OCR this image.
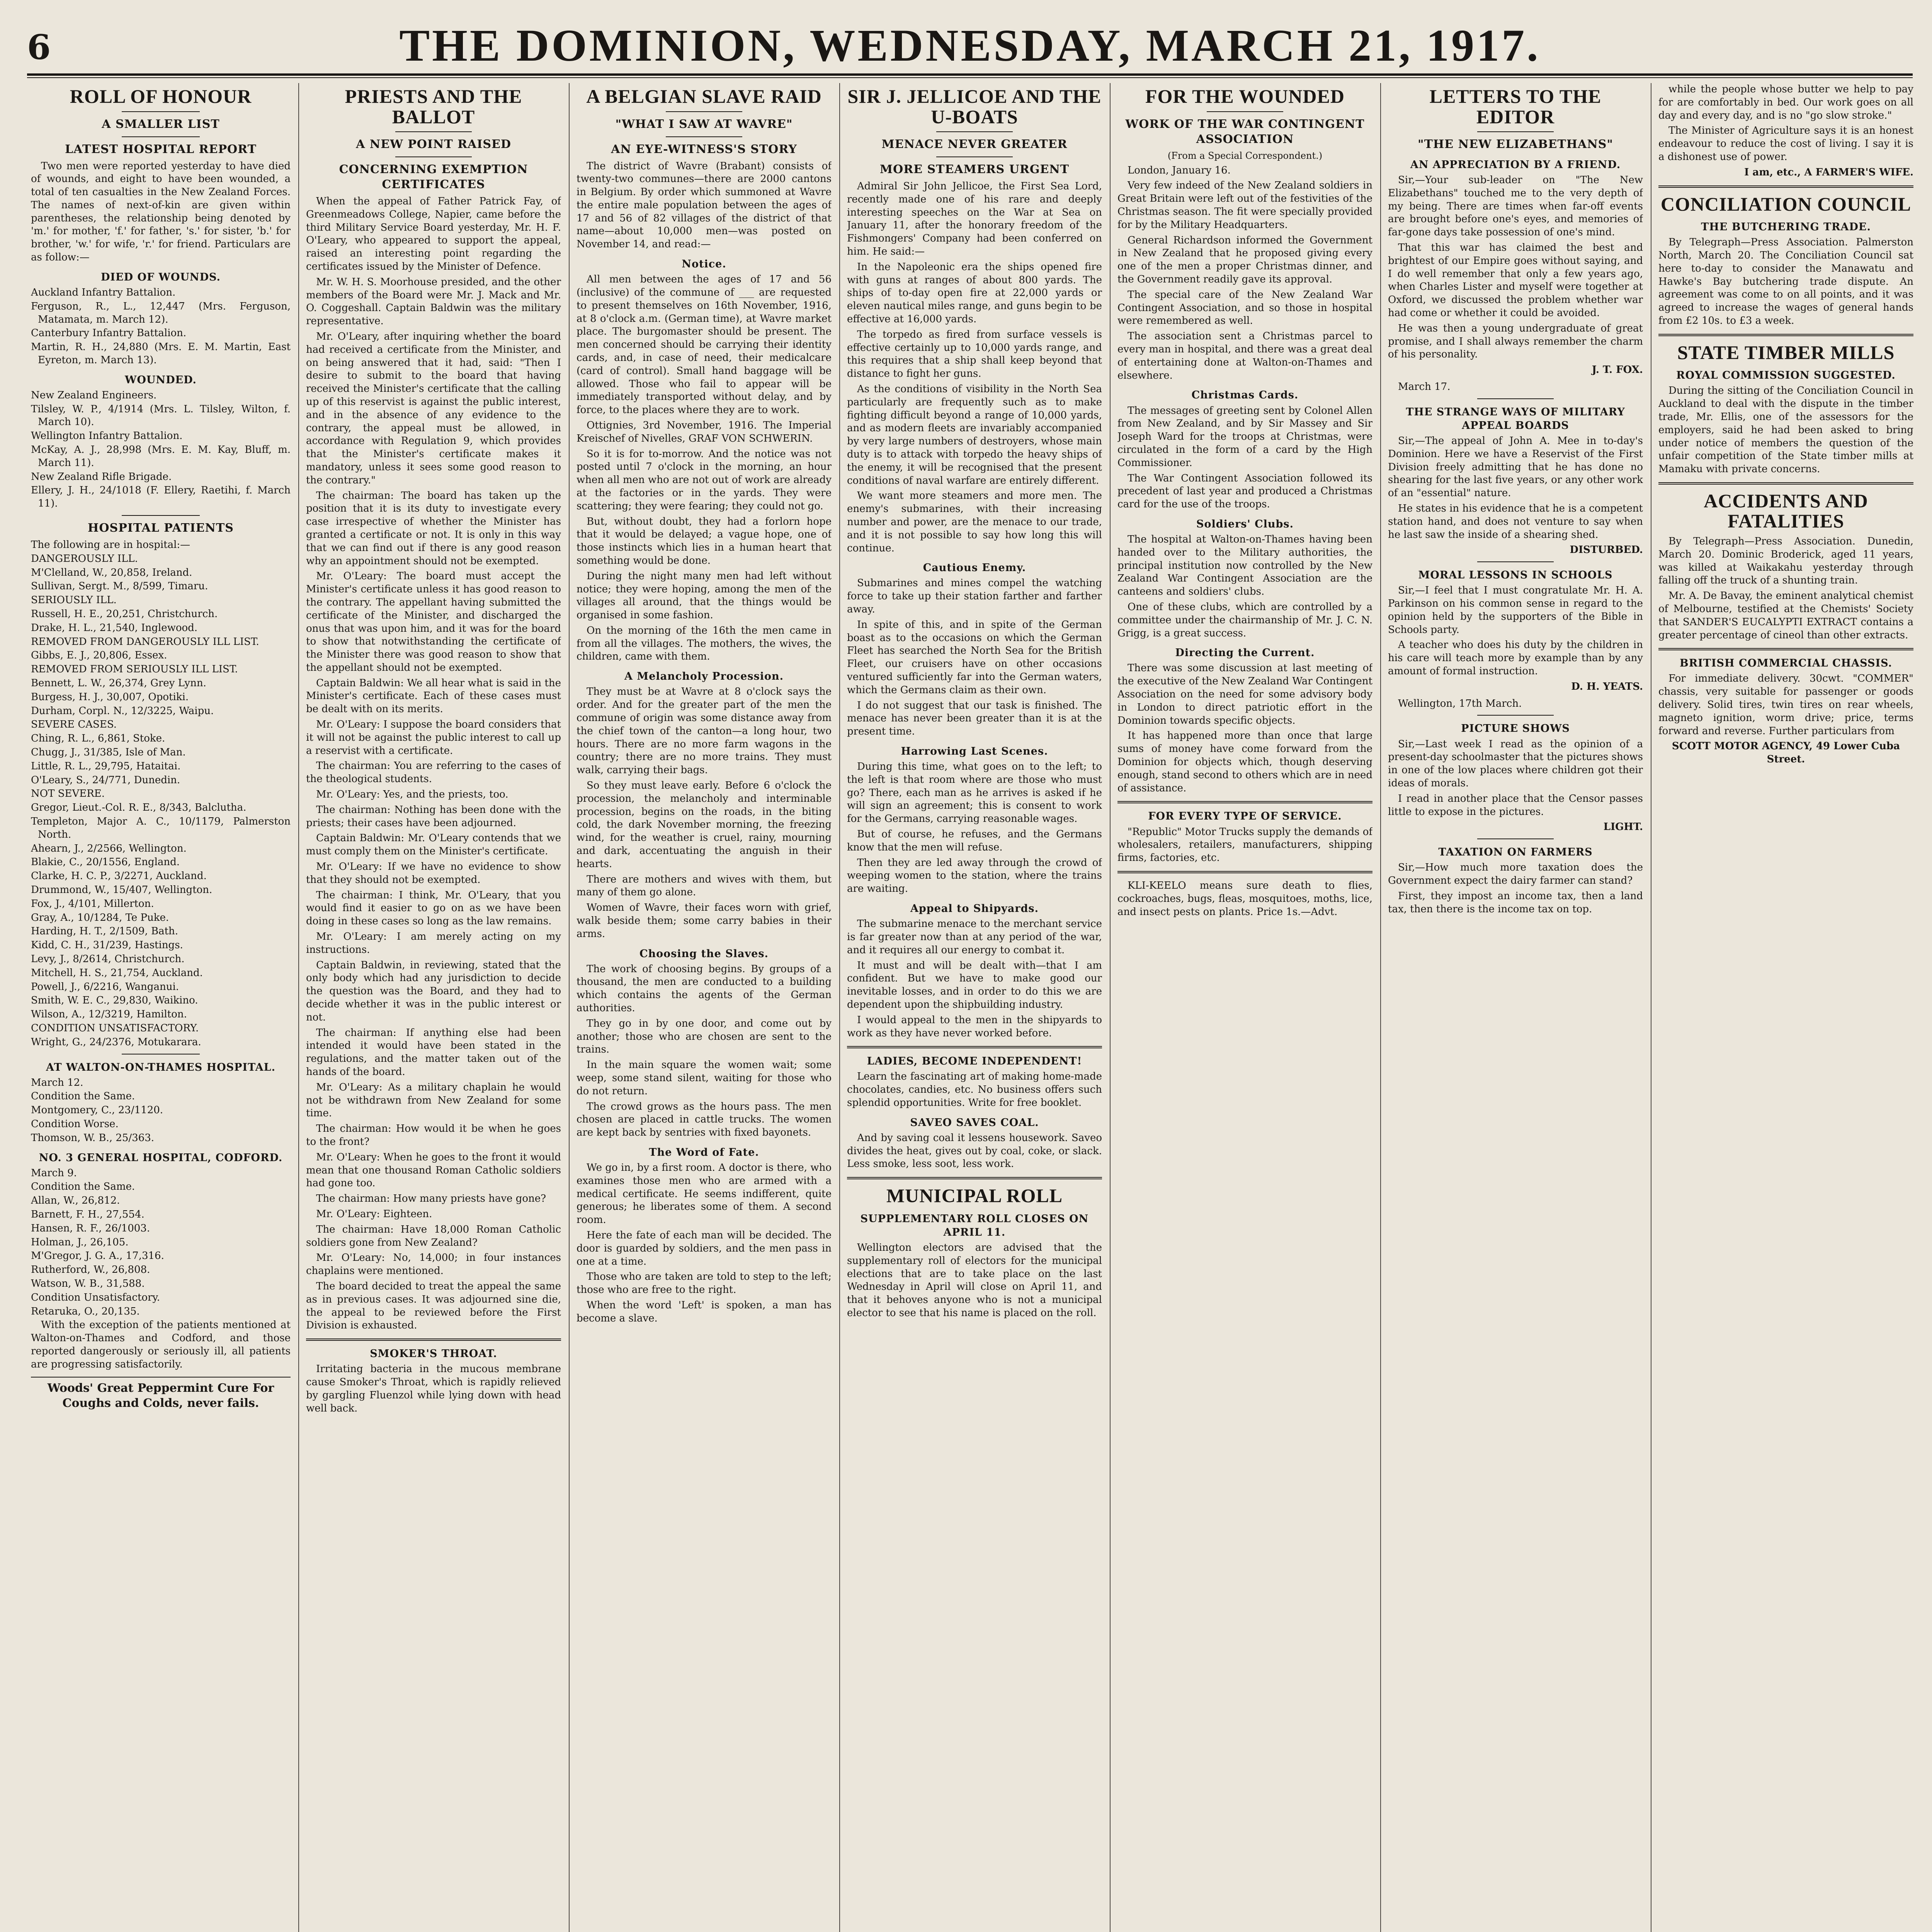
6	THE DOMINION, WEDNESDAY, MARCH 21, 1917.
ROLL OF HONOUR
A SMALLER LIST
LATEST HOSPITAL REPORT

Two men were reported yesterday to have died of wounds, and eight to have been wounded, a total of ten casualties in the New Zealand Forces. The names of next-of-kin are given within parentheses, the relationship being denoted by 'm.' for mother, 'f.' for father, 's.' for sister, 'b.' for brother, 'w.' for wife, 'r.' for friend. Particulars are as follow:—

DIED OF WOUNDS.
Auckland Infantry Battalion.
Ferguson, R., L., 12,447 (Mrs. Ferguson, Matamata, m. March 12).
Canterbury Infantry Battalion.
Martin, R. H., 24,880 (Mrs. E. M. Martin, East Eyreton, m. March 13).
WOUNDED.
New Zealand Engineers.
Tilsley, W. P., 4/1914 (Mrs. L. Tilsley, Wilton, f. March 10).
Wellington Infantry Battalion.
McKay, A. J., 28,998 (Mrs. E. M. Kay, Bluff, m. March 11).
New Zealand Rifle Brigade.
Ellery, J. H., 24/1018 (F. Ellery, Raetihi, f. March 11).
HOSPITAL PATIENTS
The following are in hospital:—
DANGEROUSLY ILL.
M'Clelland, W., 20,858, Ireland.
Sullivan, Sergt. M., 8/599, Timaru.
SERIOUSLY ILL.
Russell, H. E., 20,251, Christchurch.
Drake, H. L., 21,540, Inglewood.
REMOVED FROM DANGEROUSLY ILL LIST.
Gibbs, E. J., 20,806, Essex.
REMOVED FROM SERIOUSLY ILL LIST.
Bennett, L. W., 26,374, Grey Lynn.
Burgess, H. J., 30,007, Opotiki.
Durham, Corpl. N., 12/3225, Waipu.
SEVERE CASES.
Ching, R. L., 6,861, Stoke.
Chugg, J., 31/385, Isle of Man.
Little, R. L., 29,795, Hataitai.
O'Leary, S., 24/771, Dunedin.
NOT SEVERE.
Gregor, Lieut.-Col. R. E., 8/343, Balclutha.
Templeton, Major A. C., 10/1179, Palmerston North.
Ahearn, J., 2/2566, Wellington.
Blakie, C., 20/1556, England.
Clarke, H. C. P., 3/2271, Auckland.
Drummond, W., 15/407, Wellington.
Fox, J., 4/101, Millerton.
Gray, A., 10/1284, Te Puke.
Harding, H. T., 2/1509, Bath.
Kidd, C. H., 31/239, Hastings.
Levy, J., 8/2614, Christchurch.
Mitchell, H. S., 21,754, Auckland.
Powell, J., 6/2216, Wanganui.
Smith, W. E. C., 29,830, Waikino.
Wilson, A., 12/3219, Hamilton.
CONDITION UNSATISFACTORY.
Wright, G., 24/2376, Motukarara.
AT WALTON-ON-THAMES HOSPITAL.
March 12.
Condition the Same.
Montgomery, C., 23/1120.
Condition Worse.
Thomson, W. B., 25/363.
NO. 3 GENERAL HOSPITAL, CODFORD.
March 9.
Condition the Same.
Allan, W., 26,812.
Barnett, F. H., 27,554.
Hansen, R. F., 26/1003.
Holman, J., 26,105.
M'Gregor, J. G. A., 17,316.
Rutherford, W., 26,808.
Watson, W. B., 31,588.
Condition Unsatisfactory.
Retaruka, O., 20,135.

With the exception of the patients mentioned at Walton-on-Thames and Codford, and those reported dangerously or seriously ill, all patients are progressing satisfactorily.

Woods' Great Peppermint Cure For Coughs and Colds, never fails.
PRIESTS AND THE BALLOT
A NEW POINT RAISED
CONCERNING EXEMPTION CERTIFICATES

When the appeal of Father Patrick Fay, of Greenmeadows College, Napier, came before the third Military Service Board yesterday, Mr. H. F. O'Leary, who appeared to support the appeal, raised an interesting point regarding the certificates issued by the Minister of Defence.

Mr. W. H. S. Moorhouse presided, and the other members of the Board were Mr. J. Mack and Mr. O. Coggeshall. Captain Baldwin was the military representative.

Mr. O'Leary, after inquiring whether the board had received a certificate from the Minister, and on being answered that it had, said: "Then I desire to submit to the board that having received the Minister's certificate that the calling up of this reservist is against the public interest, and in the absence of any evidence to the contrary, the appeal must be allowed, in accordance with Regulation 9, which provides that the Minister's certificate makes it mandatory, unless it sees some good reason to the contrary."

The chairman: The board has taken up the position that it is its duty to investigate every case irrespective of whether the Minister has granted a certificate or not. It is only in this way that we can find out if there is any good reason why an appointment should not be exempted.

Mr. O'Leary: The board must accept the Minister's certificate unless it has good reason to the contrary. The appellant having submitted the certificate of the Minister, and discharged the onus that was upon him, and it was for the board to show that notwithstanding the certificate of the Minister there was good reason to show that the appellant should not be exempted.

Captain Baldwin: We all hear what is said in the Minister's certificate. Each of these cases must be dealt with on its merits.

Mr. O'Leary: I suppose the board considers that it will not be against the public interest to call up a reservist with a certificate.

The chairman: You are referring to the cases of the theological students.

Mr. O'Leary: Yes, and the priests, too.

The chairman: Nothing has been done with the priests; their cases have been adjourned.

Captain Baldwin: Mr. O'Leary contends that we must comply them on the Minister's certificate.

Mr. O'Leary: If we have no evidence to show that they should not be exempted.

The chairman: I think, Mr. O'Leary, that you would find it easier to go on as we have been doing in these cases so long as the law remains.

Mr. O'Leary: I am merely acting on my instructions.

Captain Baldwin, in reviewing, stated that the only body which had any jurisdiction to decide the question was the Board, and they had to decide whether it was in the public interest or not.

The chairman: If anything else had been intended it would have been stated in the regulations, and the matter taken out of the hands of the board.

Mr. O'Leary: As a military chaplain he would not be withdrawn from New Zealand for some time.

The chairman: How would it be when he goes to the front?

Mr. O'Leary: When he goes to the front it would mean that one thousand Roman Catholic soldiers had gone too.

The chairman: How many priests have gone?

Mr. O'Leary: Eighteen.

The chairman: Have 18,000 Roman Catholic soldiers gone from New Zealand?

Mr. O'Leary: No, 14,000; in four instances chaplains were mentioned.

The board decided to treat the appeal the same as in previous cases. It was adjourned sine die, the appeal to be reviewed before the First Division is exhausted.

SMOKER'S THROAT.

Irritating bacteria in the mucous membrane cause Smoker's Throat, which is rapidly relieved by gargling Fluenzol while lying down with head well back.

A BELGIAN SLAVE RAID
"WHAT I SAW AT WAVRE"
AN EYE-WITNESS'S STORY

The district of Wavre (Brabant) consists of twenty-two communes—there are 2000 cantons in Belgium. By order which summoned at Wavre the entire male population between the ages of 17 and 56 of 82 villages of the district of that name—about 10,000 men—was posted on November 14, and read:—

Notice.

All men between the ages of 17 and 56 (inclusive) of the commune of ___ are requested to present themselves on 16th November, 1916, at 8 o'clock a.m. (German time), at Wavre market place. The burgomaster should be present. The men concerned should be carrying their identity cards, and, in case of need, their medicalcare (card of control). Small hand baggage will be allowed. Those who fail to appear will be immediately transported without delay, and by force, to the places where they are to work.

Ottignies, 3rd November, 1916. The Imperial Kreischef of Nivelles, GRAF VON SCHWERIN.

So it is for to-morrow. And the notice was not posted until 7 o'clock in the morning, an hour when all men who are not out of work are already at the factories or in the yards. They were scattering; they were fearing; they could not go.

But, without doubt, they had a forlorn hope that it would be delayed; a vague hope, one of those instincts which lies in a human heart that something would be done.

During the night many men had left without notice; they were hoping, among the men of the villages all around, that the things would be organised in some fashion.

On the morning of the 16th the men came in from all the villages. The mothers, the wives, the children, came with them.

A Melancholy Procession.

They must be at Wavre at 8 o'clock says the order. And for the greater part of the men the commune of origin was some distance away from the chief town of the canton—a long hour, two hours. There are no more farm wagons in the country; there are no more trains. They must walk, carrying their bags.

So they must leave early. Before 6 o'clock the procession, the melancholy and interminable procession, begins on the roads, in the biting cold, the dark November morning, the freezing wind, for the weather is cruel, rainy, mourning and dark, accentuating the anguish in their hearts.

There are mothers and wives with them, but many of them go alone.

Women of Wavre, their faces worn with grief, walk beside them; some carry babies in their arms.

Choosing the Slaves.

The work of choosing begins. By groups of a thousand, the men are conducted to a building which contains the agents of the German authorities.

They go in by one door, and come out by another; those who are chosen are sent to the trains.

In the main square the women wait; some weep, some stand silent, waiting for those who do not return.

The crowd grows as the hours pass. The men chosen are placed in cattle trucks. The women are kept back by sentries with fixed bayonets.

The Word of Fate.

We go in, by a first room. A doctor is there, who examines those men who are armed with a medical certificate. He seems indifferent, quite generous; he liberates some of them. A second room.

Here the fate of each man will be decided. The door is guarded by soldiers, and the men pass in one at a time.

Those who are taken are told to step to the left; those who are free to the right.

When the word 'Left' is spoken, a man has become a slave.

SIR J. JELLICOE AND THE U-BOATS
MENACE NEVER GREATER
MORE STEAMERS URGENT

Admiral Sir John Jellicoe, the First Sea Lord, recently made one of his rare and deeply interesting speeches on the War at Sea on January 11, after the honorary freedom of the Fishmongers' Company had been conferred on him. He said:—

In the Napoleonic era the ships opened fire with guns at ranges of about 800 yards. The ships of to-day open fire at 22,000 yards or eleven nautical miles range, and guns begin to be effective at 16,000 yards.

The torpedo as fired from surface vessels is effective certainly up to 10,000 yards range, and this requires that a ship shall keep beyond that distance to fight her guns.

As the conditions of visibility in the North Sea particularly are frequently such as to make fighting difficult beyond a range of 10,000 yards, and as modern fleets are invariably accompanied by very large numbers of destroyers, whose main duty is to attack with torpedo the heavy ships of the enemy, it will be recognised that the present conditions of naval warfare are entirely different.

We want more steamers and more men. The enemy's submarines, with their increasing number and power, are the menace to our trade, and it is not possible to say how long this will continue.

Cautious Enemy.

Submarines and mines compel the watching force to take up their station farther and farther away.

In spite of this, and in spite of the German boast as to the occasions on which the German Fleet has searched the North Sea for the British Fleet, our cruisers have on other occasions ventured sufficiently far into the German waters, which the Germans claim as their own.

I do not suggest that our task is finished. The menace has never been greater than it is at the present time.

Harrowing Last Scenes.

During this time, what goes on to the left; to the left is that room where are those who must go? There, each man as he arrives is asked if he will sign an agreement; this is consent to work for the Germans, carrying reasonable wages.

But of course, he refuses, and the Germans know that the men will refuse.

Then they are led away through the crowd of weeping women to the station, where the trains are waiting.

Appeal to Shipyards.

The submarine menace to the merchant service is far greater now than at any period of the war, and it requires all our energy to combat it.

It must and will be dealt with—that I am confident. But we have to make good our inevitable losses, and in order to do this we are dependent upon the shipbuilding industry.

I would appeal to the men in the shipyards to work as they have never worked before.

LADIES, BECOME INDEPENDENT!

Learn the fascinating art of making home-made chocolates, candies, etc. No business offers such splendid opportunities. Write for free booklet.

SAVEO SAVES COAL.

And by saving coal it lessens housework. Saveo divides the heat, gives out by coal, coke, or slack. Less smoke, less soot, less work.

MUNICIPAL ROLL
SUPPLEMENTARY ROLL CLOSES ON APRIL 11.

Wellington electors are advised that the supplementary roll of electors for the municipal elections that are to take place on the last Wednesday in April will close on April 11, and that it behoves anyone who is not a municipal elector to see that his name is placed on the roll.

FOR THE WOUNDED
WORK OF THE WAR CONTINGENT ASSOCIATION

(From a Special Correspondent.)

London, January 16.

Very few indeed of the New Zealand soldiers in Great Britain were left out of the festivities of the Christmas season. The fit were specially provided for by the Military Headquarters.

General Richardson informed the Government in New Zealand that he proposed giving every one of the men a proper Christmas dinner, and the Government readily gave its approval.

The special care of the New Zealand War Contingent Association, and so those in hospital were remembered as well.

The association sent a Christmas parcel to every man in hospital, and there was a great deal of entertaining done at Walton-on-Thames and elsewhere.

Christmas Cards.

The messages of greeting sent by Colonel Allen from New Zealand, and by Sir Massey and Sir Joseph Ward for the troops at Christmas, were circulated in the form of a card by the High Commissioner.

The War Contingent Association followed its precedent of last year and produced a Christmas card for the use of the troops.

Soldiers' Clubs.

The hospital at Walton-on-Thames having been handed over to the Military authorities, the principal institution now controlled by the New Zealand War Contingent Association are the canteens and soldiers' clubs.

One of these clubs, which are controlled by a committee under the chairmanship of Mr. J. C. N. Grigg, is a great success.

Directing the Current.

There was some discussion at last meeting of the executive of the New Zealand War Contingent Association on the need for some advisory body in London to direct patriotic effort in the Dominion towards specific objects.

It has happened more than once that large sums of money have come forward from the Dominion for objects which, though deserving enough, stand second to others which are in need of assistance.

FOR EVERY TYPE OF SERVICE.

"Republic" Motor Trucks supply the demands of wholesalers, retailers, manufacturers, shipping firms, factories, etc.

KLI-KEELO means sure death to flies, cockroaches, bugs, fleas, mosquitoes, moths, lice, and insect pests on plants. Price 1s.—Advt.

LETTERS TO THE EDITOR
"THE NEW ELIZABETHANS"
AN APPRECIATION BY A FRIEND.

Sir,—Your sub-leader on "The New Elizabethans" touched me to the very depth of my being. There are times when far-off events are brought before one's eyes, and memories of far-gone days take possession of one's mind.

That this war has claimed the best and brightest of our Empire goes without saying, and I do well remember that only a few years ago, when Charles Lister and myself were together at Oxford, we discussed the problem whether war had come or whether it could be avoided.

He was then a young undergraduate of great promise, and I shall always remember the charm of his personality.

J. T. FOX.

March 17.

THE STRANGE WAYS OF MILITARY APPEAL BOARDS

Sir,—The appeal of John A. Mee in to-day's Dominion. Here we have a Reservist of the First Division freely admitting that he has done no shearing for the last five years, or any other work of an "essential" nature.

He states in his evidence that he is a competent station hand, and does not venture to say when he last saw the inside of a shearing shed.

DISTURBED.
MORAL LESSONS IN SCHOOLS

Sir,—I feel that I must congratulate Mr. H. A. Parkinson on his common sense in regard to the opinion held by the supporters of the Bible in Schools party.

A teacher who does his duty by the children in his care will teach more by example than by any amount of formal instruction.

D. H. YEATS.

Wellington, 17th March.

PICTURE SHOWS

Sir,—Last week I read as the opinion of a present-day schoolmaster that the pictures shows in one of the low places where children got their ideas of morals.

I read in another place that the Censor passes little to expose in the pictures.

LIGHT.
TAXATION ON FARMERS

Sir,—How much more taxation does the Government expect the dairy farmer can stand?

First, they impost an income tax, then a land tax, then there is the income tax on top.

while the people whose butter we help to pay for are comfortably in bed. Our work goes on all day and every day, and is no "go slow stroke."

The Minister of Agriculture says it is an honest endeavour to reduce the cost of living. I say it is a dishonest use of power.

I am, etc., A FARMER'S WIFE.
CONCILIATION COUNCIL
THE BUTCHERING TRADE.

By Telegraph—Press Association. Palmerston North, March 20. The Conciliation Council sat here to-day to consider the Manawatu and Hawke's Bay butchering trade dispute. An agreement was come to on all points, and it was agreed to increase the wages of general hands from £2 10s. to £3 a week.

STATE TIMBER MILLS
ROYAL COMMISSION SUGGESTED.

During the sitting of the Conciliation Council in Auckland to deal with the dispute in the timber trade, Mr. Ellis, one of the assessors for the employers, said he had been asked to bring under notice of members the question of the unfair competition of the State timber mills at Mamaku with private concerns.

ACCIDENTS AND FATALITIES

By Telegraph—Press Association. Dunedin, March 20. Dominic Broderick, aged 11 years, was killed at Waikakahu yesterday through falling off the truck of a shunting train.

Mr. A. De Bavay, the eminent analytical chemist of Melbourne, testified at the Chemists' Society that SANDER'S EUCALYPTI EXTRACT contains a greater percentage of cineol than other extracts.

BRITISH COMMERCIAL CHASSIS.

For immediate delivery. 30cwt. "COMMER" chassis, very suitable for passenger or goods delivery. Solid tires, twin tires on rear wheels, magneto ignition, worm drive; price, terms forward and reverse. Further particulars from

SCOTT MOTOR AGENCY, 49 Lower Cuba Street.
